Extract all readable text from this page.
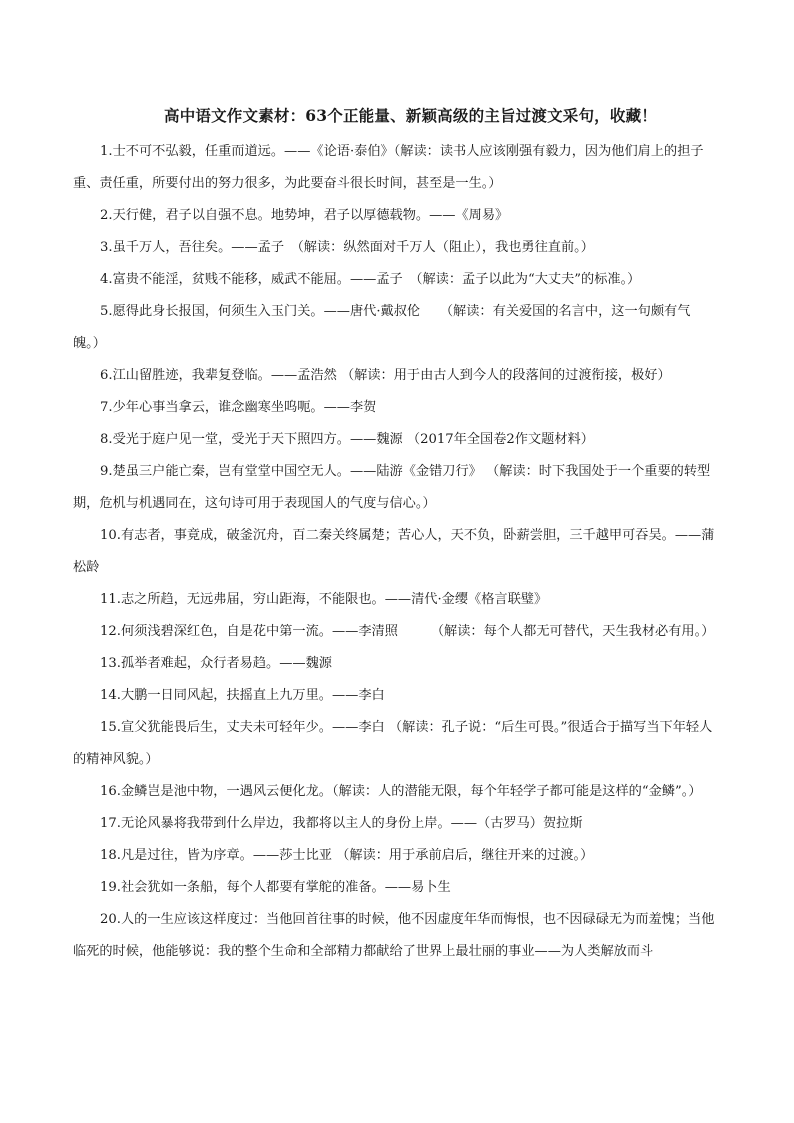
高中语文作文素材：63个正能量、新颖高级的主旨过渡文采句，收藏！

1.士不可不弘毅，任重而道远。——《论语·泰伯》（解读：读书人应该刚强有毅力，因为他们肩上的担子重、责任重，所要付出的努力很多，为此要奋斗很长时间，甚至是一生。）

2.天行健，君子以自强不息。地势坤，君子以厚德载物。——《周易》

3.虽千万人，吾往矣。——孟子　（解读：纵然面对千万人（阻止），我也勇往直前。）

4.富贵不能淫，贫贱不能移，威武不能屈。——孟子　（解读：孟子以此为“大丈夫”的标准。）

5.愿得此身长报国，何须生入玉门关。——唐代·戴叔伦　　（解读：有关爱国的名言中，这一句颇有气魄。）

6.江山留胜迹，我辈复登临。——孟浩然 （解读：用于由古人到今人的段落间的过渡衔接，极好）

7.少年心事当拿云，谁念幽寒坐呜呃。——李贺

8.受光于庭户见一堂，受光于天下照四方。——魏源 （2017年全国卷2作文题材料）

9.楚虽三户能亡秦，岂有堂堂中国空无人。——陆游《金错刀行》 （解读：时下我国处于一个重要的转型期，危机与机遇同在，这句诗可用于表现国人的气度与信心。）

10.有志者，事竟成，破釜沉舟，百二秦关终属楚；苦心人，天不负，卧薪尝胆，三千越甲可吞吴。——蒲松龄

11.志之所趋，无远弗届，穷山距海，不能限也。——清代·金缨《格言联璧》

12.何须浅碧深红色，自是花中第一流。——李清照　　　（解读：每个人都无可替代，天生我材必有用。）

13.孤举者难起，众行者易趋。——魏源

14.大鹏一日同风起，扶摇直上九万里。——李白

15.宣父犹能畏后生，丈夫未可轻年少。——李白 （解读：孔子说：“后生可畏。”很适合于描写当下年轻人的精神风貌。）

16.金鳞岂是池中物，一遇风云便化龙。（解读：人的潜能无限，每个年轻学子都可能是这样的“金鳞”。）

17.无论风暴将我带到什么岸边，我都将以主人的身份上岸。——（古罗马）贺拉斯

18.凡是过往，皆为序章。——莎士比亚 （解读：用于承前启后，继往开来的过渡。）

19.社会犹如一条船，每个人都要有掌舵的准备。——易卜生

20.人的一生应该这样度过：当他回首往事的时候，他不因虚度年华而悔恨，也不因碌碌无为而羞愧；当他临死的时候，他能够说：我的整个生命和全部精力都献给了世界上最壮丽的事业——为人类解放而斗
